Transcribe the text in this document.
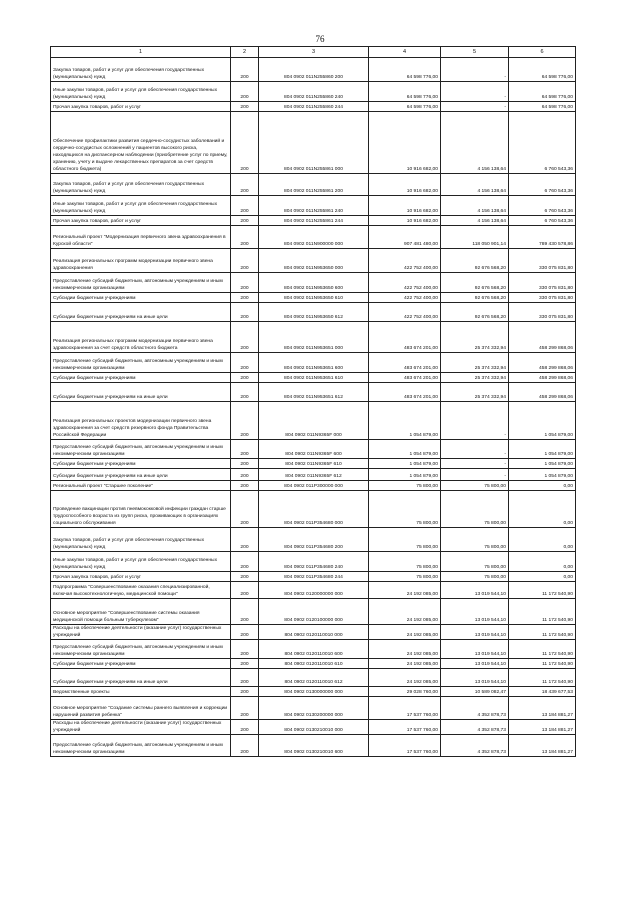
76
1	2	3	4	5	6
Закупка товаров, работ и услуг для обеспечения государственных (муниципальных) нужд	200	804 0902 011N255860 200	64 598 776,00	-	64 598 776,00
Иные закупки товаров, работ и услуг для обеспечения государственных (муниципальных) нужд	200	804 0902 011N255860 240	64 598 776,00	-	64 598 776,00
Прочая закупка товаров, работ и услуг	200	804 0902 011N255860 244	64 598 776,00	-	64 598 776,00
Обеспечение профилактики развития сердечно-сосудистых заболеваний и сердечно-сосудистых осложнений у пациентов высокого риска, находящихся на диспансерном наблюдении (приобретение услуг по приему, хранению, учету и выдаче лекарственных препаратов за счет средств областного бюджета)	200	804 0902 011N255861 000	10 916 682,00	4 156 138,64	6 760 543,36
Закупка товаров, работ и услуг для обеспечения государственных (муниципальных) нужд	200	804 0902 011N255861 200	10 916 682,00	4 156 138,64	6 760 543,36
Иные закупки товаров, работ и услуг для обеспечения государственных (муниципальных) нужд	200	804 0902 011N255861 240	10 916 682,00	4 156 138,64	6 760 543,36
Прочая закупка товаров, работ и услуг	200	804 0902 011N255861 244	10 916 682,00	4 156 138,64	6 760 543,36
Региональный проект "Модернизация первичного звена здравоохранения в Курской области"	200	804 0902 011N900000 000	907 481 480,00	118 050 901,14	789 430 578,86
Реализация региональных программ модернизации первичного звена здравоохранения	200	804 0902 011N953650 000	422 752 400,00	92 676 568,20	330 075 831,80
Предоставление субсидий бюджетным, автономным учреждениям и иным некоммерческим организациям	200	804 0902 011N953650 600	422 752 400,00	92 676 568,20	330 075 831,80
Субсидии бюджетным учреждениям	200	804 0902 011N953650 610	422 752 400,00	92 676 568,20	330 075 831,80
Субсидии бюджетным учреждениям на иные цели	200	804 0902 011N953650 612	422 752 400,00	92 676 568,20	330 075 831,80
Реализация региональных программ модернизации первичного звена здравоохранения за счет средств областного бюджета	200	804 0902 011N953651 000	483 674 201,00	25 374 332,94	458 299 868,06
Предоставление субсидий бюджетным, автономным учреждениям и иным некоммерческим организациям	200	804 0902 011N953651 600	483 674 201,00	25 374 332,94	458 299 868,06
Субсидии бюджетным учреждениям	200	804 0902 011N953651 610	483 674 201,00	25 374 332,94	458 299 868,06
Субсидии бюджетным учреждениям на иные цели	200	804 0902 011N953651 612	483 674 201,00	25 374 332,94	458 299 868,06
Реализация региональных проектов модернизации первичного звена здравоохранения за счет средств резервного фонда Правительства Российской Федерации	200	804 0902 011N9365F 000	1 054 879,00	-	1 054 879,00
Предоставление субсидий бюджетным, автономным учреждениям и иным некоммерческим организациям	200	804 0902 011N9365F 600	1 054 879,00	-	1 054 879,00
Субсидии бюджетным учреждениям	200	804 0902 011N9365F 610	1 054 879,00	-	1 054 879,00
Субсидии бюджетным учреждениям на иные цели	200	804 0902 011N9365F 612	1 054 879,00	-	1 054 879,00
Региональный проект "Старшее поколение"	200	804 0902 011P300000 000	75 800,00	75 800,00	0,00
Проведение вакцинации против пневмококковой инфекции граждан старше трудоспособного возраста из групп риска, проживающих в организациях социального обслуживания	200	804 0902 011P354680 000	75 800,00	75 800,00	0,00
Закупка товаров, работ и услуг для обеспечения государственных (муниципальных) нужд	200	804 0902 011P354680 200	75 800,00	75 800,00	0,00
Иные закупки товаров, работ и услуг для обеспечения государственных (муниципальных) нужд	200	804 0902 011P354680 240	75 800,00	75 800,00	0,00
Прочая закупка товаров, работ и услуг	200	804 0902 011P354680 244	75 800,00	75 800,00	0,00
Подпрограмма "Совершенствование оказания специализированной, включая высокотехнологичную, медицинской помощи"	200	804 0902 0120000000 000	24 192 085,00	13 019 544,10	11 172 540,90
Основное мероприятие "Совершенствование системы оказания медицинской помощи больным туберкулезом"	200	804 0902 0120100000 000	24 192 085,00	13 019 544,10	11 172 540,90
Расходы на обеспечение деятельности (оказание услуг) государственных учреждений	200	804 0902 0120110010 000	24 192 085,00	13 019 544,10	11 172 540,90
Предоставление субсидий бюджетным, автономным учреждениям и иным некоммерческим организациям	200	804 0902 0120110010 600	24 192 085,00	13 019 544,10	11 172 540,90
Субсидии бюджетным учреждениям	200	804 0902 0120110010 610	24 192 085,00	13 019 544,10	11 172 540,90
Субсидии бюджетным учреждениям на иные цели	200	804 0902 0120110010 612	24 192 085,00	13 019 544,10	11 172 540,90
Ведомственные проекты	200	804 0902 0130000000 000	29 028 760,00	10 589 082,47	18 439 677,53
Основное мероприятие "Создание системы раннего выявления и коррекции нарушений развития ребенка"	200	804 0902 0130200000 000	17 537 760,00	4 352 878,73	13 184 881,27
Расходы на обеспечение деятельности (оказание услуг) государственных учреждений	200	804 0902 0130210010 000	17 537 760,00	4 352 878,73	13 184 881,27
Предоставление субсидий бюджетным, автономным учреждениям и иным некоммерческим организациям	200	804 0902 0130210010 600	17 537 760,00	4 352 878,73	13 184 881,27
